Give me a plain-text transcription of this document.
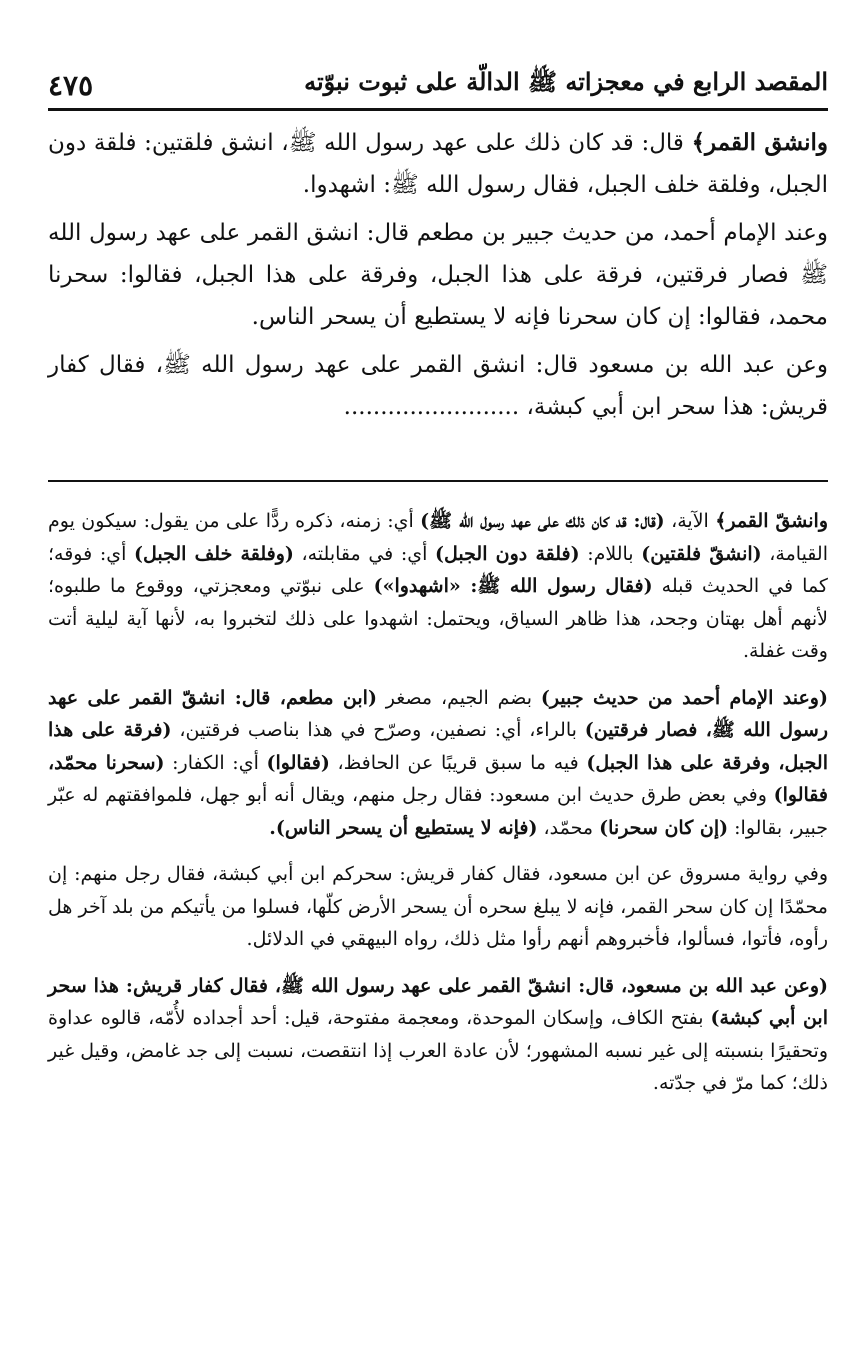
المقصد الرابع في معجزاته ﷺ الدالّة على ثبوت نبوّته
٤٧٥

وانشق القمر﴾ قال: قد كان ذلك على عهد رسول الله ﷺ، انشق فلقتين: فلقة دون الجبل، وفلقة خلف الجبل، فقال رسول الله ﷺ: اشهدوا.

وعند الإمام أحمد، من حديث جبير بن مطعم قال: انشق القمر على عهد رسول الله ﷺ فصار فرقتين، فرقة على هذا الجبل، وفرقة على هذا الجبل، فقالوا: سحرنا محمد، فقالوا: إن كان سحرنا فإنه لا يستطيع أن يسحر الناس.

وعن عبد الله بن مسعود قال: انشق القمر على عهد رسول الله ﷺ، فقال كفار قريش: هذا سحر ابن أبي كبشة، ........................

وانشقّ القمر﴾ الآية، (قال: قد كان ذلك على عهد رسول الله ﷺ) أي: زمنه، ذكره ردًّا على من يقول: سيكون يوم القيامة، (انشقّ فلقتين) باللام: (فلقة دون الجبل) أي: في مقابلته، (وفلقة خلف الجبل) أي: فوقه؛ كما في الحديث قبله (فقال رسول الله ﷺ: «اشهدوا») على نبوّتي ومعجزتي، ووقوع ما طلبوه؛ لأنهم أهل بهتان وجحد، هذا ظاهر السياق، ويحتمل: اشهدوا على ذلك لتخبروا به، لأنها آية ليلية أتت وقت غفلة.

(وعند الإمام أحمد من حديث جبير) بضم الجيم، مصغر (ابن مطعم، قال: انشقّ القمر على عهد رسول الله ﷺ، فصار فرقتين) بالراء، أي: نصفين، وصرّح في هذا بناصب فرقتين، (فرقة على هذا الجبل، وفرقة على هذا الجبل) فيه ما سبق قريبًا عن الحافظ، (فقالوا) أي: الكفار: (سحرنا محمّد، فقالوا) وفي بعض طرق حديث ابن مسعود: فقال رجل منهم، ويقال أنه أبو جهل، فلموافقتهم له عبّر جبير، بقالوا: (إن كان سحرنا) محمّد، (فإنه لا يستطيع أن يسحر الناس).

وفي رواية مسروق عن ابن مسعود، فقال كفار قريش: سحركم ابن أبي كبشة، فقال رجل منهم: إن محمّدًا إن كان سحر القمر، فإنه لا يبلغ سحره أن يسحر الأرض كلّها، فسلوا من يأتيكم من بلد آخر هل رأوه، فأتوا، فسألوا، فأخبروهم أنهم رأوا مثل ذلك، رواه البيهقي في الدلائل.

(وعن عبد الله بن مسعود، قال: انشقّ القمر على عهد رسول الله ﷺ، فقال كفار قريش: هذا سحر ابن أبي كبشة) بفتح الكاف، وإسكان الموحدة، ومعجمة مفتوحة، قيل: أحد أجداده لأُمّه، قالوه عداوة وتحقيرًا بنسبته إلى غير نسبه المشهور؛ لأن عادة العرب إذا انتقصت، نسبت إلى جد غامض، وقيل غير ذلك؛ كما مرّ في جدّته.
